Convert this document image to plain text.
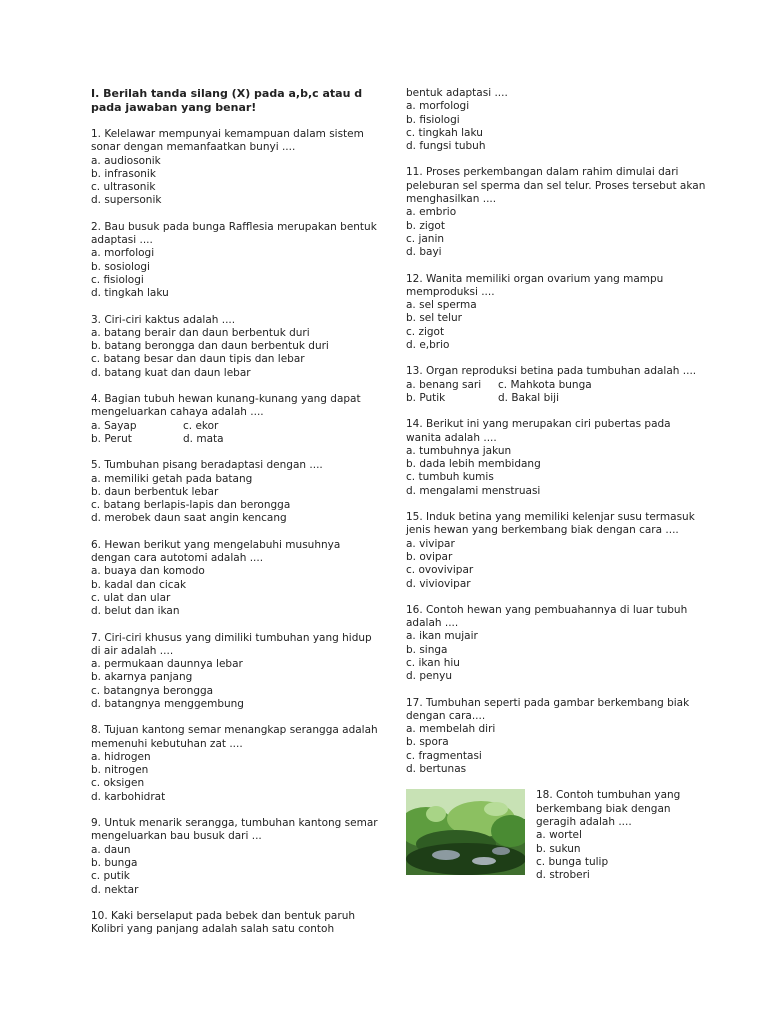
I. Berilah tanda silang (X) pada a,b,c atau d pada jawaban yang benar!
1. Kelelawar mempunyai kemampuan dalam sistem sonar dengan memanfaatkan bunyi ....
a. audiosonik
b. infrasonik
c. ultrasonik
d. supersonik
2. Bau busuk pada bunga Rafflesia merupakan bentuk adaptasi ....
a. morfologi
b. sosiologi
c. fisiologi
d. tingkah laku
3. Ciri-ciri kaktus adalah ....
a. batang berair dan daun berbentuk duri
b. batang berongga dan daun berbentuk duri
c. batang besar dan daun tipis dan lebar
d. batang kuat dan daun lebar
4. Bagian tubuh hewan kunang-kunang yang dapat mengeluarkan cahaya adalah ....
a. Sayap	c. ekor
b. Perut	d. mata
5. Tumbuhan pisang beradaptasi dengan ....
a. memiliki getah pada batang
b. daun berbentuk lebar
c. batang berlapis-lapis dan berongga
d. merobek daun saat angin kencang
6. Hewan berikut yang mengelabuhi musuhnya dengan cara autotomi adalah ....
a. buaya dan komodo
b. kadal dan cicak
c. ulat dan ular
d. belut dan ikan
7. Ciri-ciri khusus yang dimiliki tumbuhan yang hidup di air adalah ....
a. permukaan daunnya lebar
b. akarnya panjang
c. batangnya berongga
d. batangnya menggembung
8. Tujuan kantong semar menangkap serangga adalah memenuhi kebutuhan zat ....
a. hidrogen
b. nitrogen
c. oksigen
d. karbohidrat
9. Untuk menarik serangga, tumbuhan kantong semar mengeluarkan bau busuk dari ...
a. daun
b. bunga
c. putik
d. nektar
10. Kaki berselaput pada bebek dan bentuk paruh Kolibri yang panjang adalah salah satu contoh
bentuk adaptasi ....
a. morfologi
b. fisiologi
c. tingkah laku
d. fungsi tubuh
11. Proses perkembangan dalam rahim dimulai dari peleburan sel sperma dan sel telur. Proses tersebut akan menghasilkan ....
a. embrio
b. zigot
c. janin
d. bayi
12. Wanita memiliki organ ovarium yang mampu memproduksi ....
a. sel sperma
b. sel telur
c. zigot
d. e,brio
13. Organ reproduksi betina pada tumbuhan adalah ....
a. benang sari	c. Mahkota bunga
b. Putik	d. Bakal biji
14. Berikut ini yang merupakan ciri pubertas pada wanita adalah ....
a. tumbuhnya jakun
b. dada lebih membidang
c. tumbuh kumis
d. mengalami menstruasi
15. Induk betina yang memiliki kelenjar susu termasuk jenis hewan yang berkembang biak dengan cara ....
a. vivipar
b. ovipar
c. ovovivipar
d. viviovipar
16. Contoh hewan yang pembuahannya di luar tubuh adalah ....
a. ikan mujair
b. singa
c. ikan hiu
d. penyu
17. Tumbuhan seperti pada gambar berkembang biak dengan cara....
a. membelah diri
b. spora
c. fragmentasi
d. bertunas
18. Contoh tumbuhan yang berkembang biak dengan geragih adalah ....
a. wortel
b. sukun
c. bunga tulip
d. stroberi
